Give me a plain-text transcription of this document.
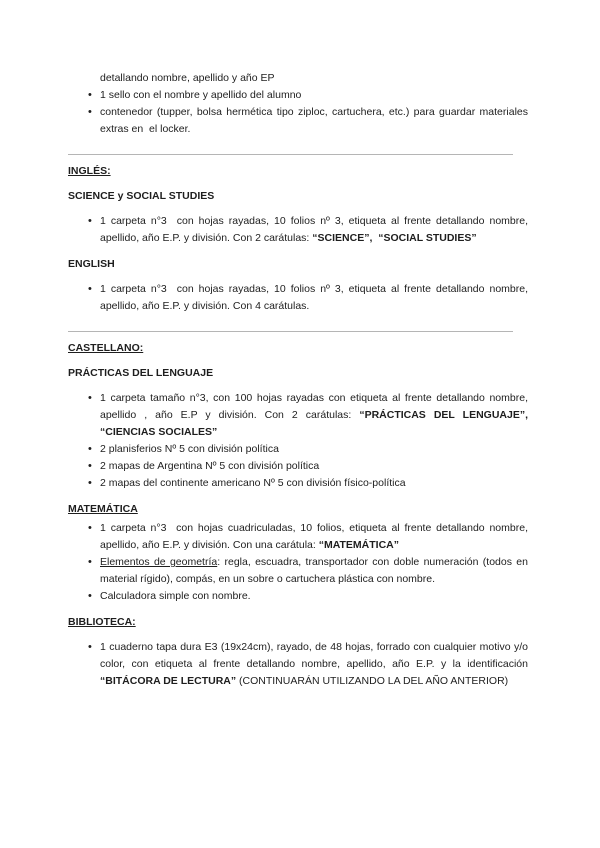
detallando nombre, apellido y año EP
• 1 sello con el nombre y apellido del alumno
• contenedor (tupper, bolsa hermética tipo ziploc, cartuchera, etc.) para guardar materiales extras en  el locker.
INGLÉS:
SCIENCE y SOCIAL STUDIES
• 1 carpeta n°3  con hojas rayadas, 10 folios nº 3, etiqueta al frente detallando nombre, apellido, año E.P. y división. Con 2 carátulas: “SCIENCE”,  “SOCIAL STUDIES”
ENGLISH
• 1 carpeta n°3  con hojas rayadas, 10 folios nº 3, etiqueta al frente detallando nombre, apellido, año E.P. y división. Con 4 carátulas.
CASTELLANO:
PRÁCTICAS DEL LENGUAJE
• 1 carpeta tamaño n°3, con 100 hojas rayadas con etiqueta al frente detallando nombre, apellido , año E.P y división. Con 2 carátulas: “PRÁCTICAS DEL LENGUAJE”, “CIENCIAS SOCIALES”
• 2 planisferios Nº 5 con división política
• 2 mapas de Argentina Nº 5 con división política
• 2 mapas del continente americano Nº 5 con división físico-política
MATEMÁTICA
• 1 carpeta n°3  con hojas cuadriculadas, 10 folios, etiqueta al frente detallando nombre, apellido, año E.P. y división. Con una carátula: “MATEMÁTICA”
• Elementos de geometría: regla, escuadra, transportador con doble numeración (todos en material rígido), compás, en un sobre o cartuchera plástica con nombre.
• Calculadora simple con nombre.
BIBLIOTECA:
• 1 cuaderno tapa dura E3 (19x24cm), rayado, de 48 hojas, forrado con cualquier motivo y/o color, con etiqueta al frente detallando nombre, apellido, año E.P. y la identificación “BITÁCORA DE LECTURA” (CONTINUARÁN UTILIZANDO LA DEL AÑO ANTERIOR)
